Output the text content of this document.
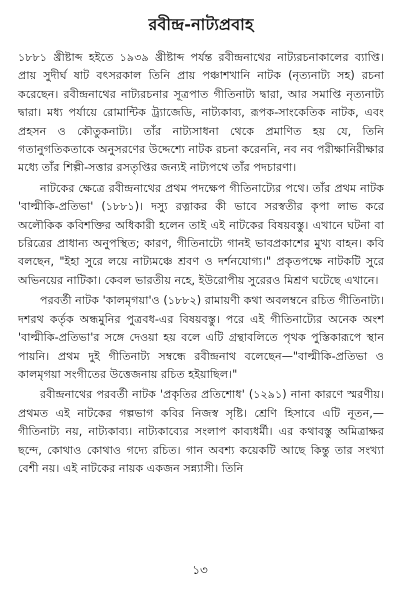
রবীন্দ্র-নাট্যপ্রবাহ

১৮৮১ খ্রীষ্টাব্দ হইতে ১৯৩৯ খ্রীষ্টাব্দ পর্যন্ত রবীন্দ্রনাথের নাট্যরচনাকালের ব্যাপ্তি। প্রায় সুদীর্ঘ ষাট বৎসরকাল তিনি প্রায় পঞ্চাশখানি নাটক (নৃত্যনাট্য সহ) রচনা করেছেন। রবীন্দ্রনাথের নাট্যরচনার সূত্রপাত গীতিনাট্য দ্বারা, আর সমাপ্তি নৃত্যনাট্য দ্বারা। মধ্য পর্যায়ে রোমান্টিক ট্র্যাজেডি, নাট্যকাব্য, রূপক-সাংকেতিক নাটক, এবং প্রহসন ও কৌতুকনাট্য। তাঁর নাট্যসাধনা থেকে প্রমাণিত হয় যে, তিনি গতানুগতিকতাকে অনুসরণের উদ্দেশ্যে নাটক রচনা করেননি, নব নব পরীক্ষানিরীক্ষার মধ্যে তাঁর শিল্পী-সত্তার রসতৃপ্তির জন্যই নাট্যপথে তাঁর পদচারণা।

নাটকের ক্ষেত্রে রবীন্দ্রনাথের প্রথম পদক্ষেপ গীতিনাট্যের পথে। তাঁর প্রথম নাটক 'বাল্মীকি-প্রতিভা' (১৮৮১)। দস্যু রত্নাকর কী ভাবে সরস্বতীর কৃপা লাভ করে অলৌকিক কবিশক্তির অধিকারী হলেন তাই এই নাটকের বিষয়বস্তু। এখানে ঘটনা বা চরিত্রের প্রাধান্য অনুপস্থিত; কারণ, গীতিনাট্যে গানই ভাবপ্রকাশের মুখ্য বাহন। কবি বলছেন, "ইহা সুরে লয়ে নাট্যমঞ্চে শ্রবণ ও দর্শনযোগ্য।" প্রকৃতপক্ষে নাটকটি সুরে অভিনয়ের নাটিকা। কেবল ভারতীয় নহে, ইউরোপীয় সুরেরও মিশ্রণ ঘটেছে এখানে।

পরবর্তী নাটক 'কালমৃগয়া'ও (১৮৮২) রামায়ণী কথা অবলম্বনে রচিত গীতিনাট্য। দশরথ কর্তৃক অন্ধমুনির পুত্রবধ-এর বিষয়বস্তু। পরে এই গীতিনাট্যের অনেক অংশ 'বাল্মীকি-প্রতিভা'র সঙ্গে দেওয়া হয় বলে এটি গ্রন্থাবলিতে পৃথক পুস্তিকারূপে স্থান পায়নি। প্রথম দুই গীতিনাট্য সম্বন্ধে রবীন্দ্রনাথ বলেছেন—"বাল্মীকি-প্রতিভা ও কালমৃগয়া সংগীতের উত্তেজনায় রচিত হইয়াছিল।"

রবীন্দ্রনাথের পরবর্তী নাটক 'প্রকৃতির প্রতিশোধ' (১২৯১) নানা কারণে স্মরণীয়। প্রথমত এই নাটকের গল্পভাগ কবির নিজস্ব সৃষ্টি। শ্রেণি হিসাবে এটি নূতন,—গীতিনাট্য নয়, নাট্যকাব্য। নাট্যকাব্যের সংলাপ কাব্যধর্মী। এর কথাবস্তু অমিত্রাক্ষর ছন্দে, কোথাও কোথাও গদ্যে রচিত। গান অবশ্য কয়েকটি আছে কিন্তু তার সংখ্যা বেশী নয়। এই নাটকের নায়ক একজন সন্ন্যাসী। তিনি

১৩
